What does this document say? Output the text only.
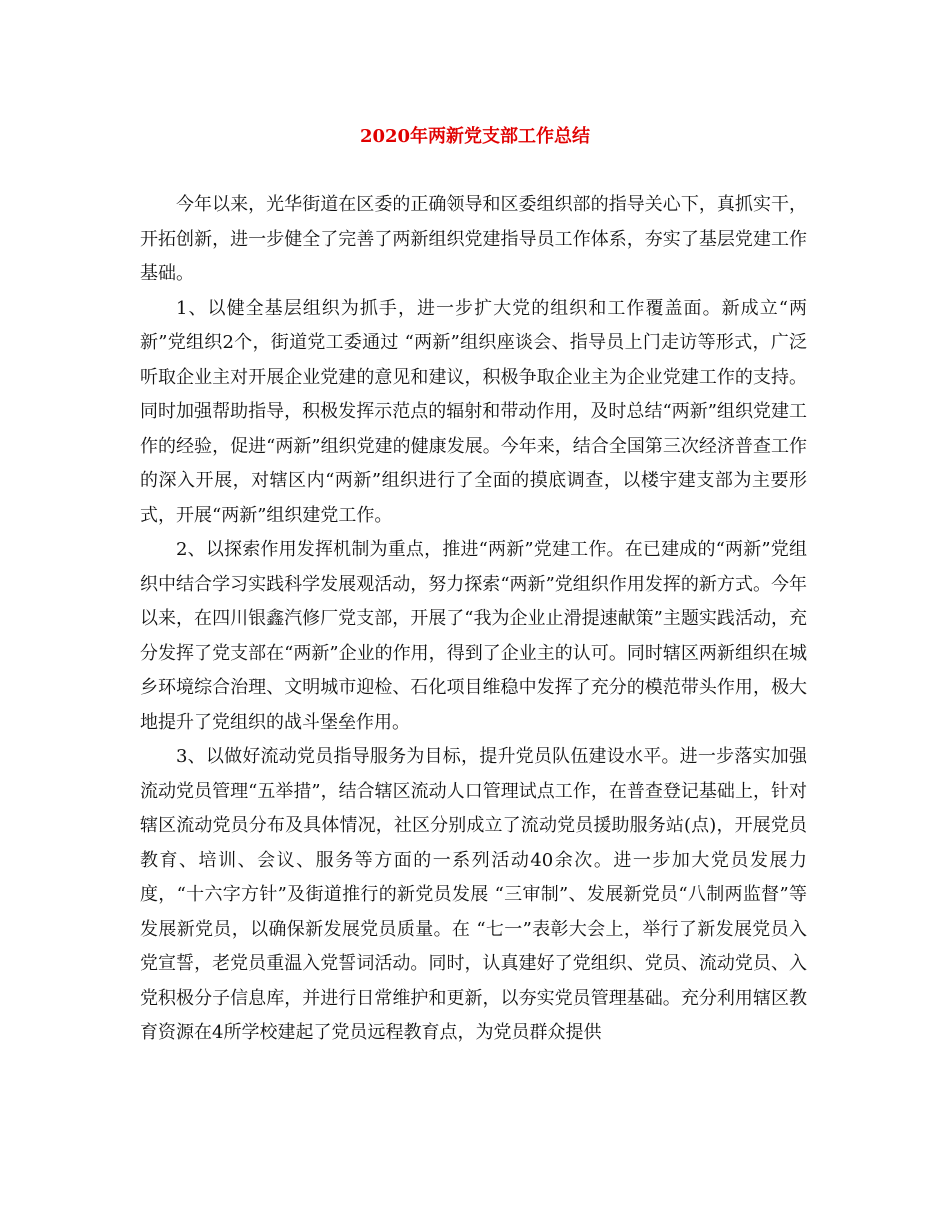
2020年两新党支部工作总结

今年以来，光华街道在区委的正确领导和区委组织部的指导关心下，真抓实干，开拓创新，进一步健全了完善了两新组织党建指导员工作体系，夯实了基层党建工作基础。

1、以健全基层组织为抓手，进一步扩大党的组织和工作覆盖面。新成立“两新”党组织2个，街道党工委通过 “两新”组织座谈会、指导员上门走访等形式，广泛听取企业主对开展企业党建的意见和建议，积极争取企业主为企业党建工作的支持。同时加强帮助指导，积极发挥示范点的辐射和带动作用，及时总结“两新”组织党建工作的经验，促进“两新”组织党建的健康发展。今年来，结合全国第三次经济普查工作的深入开展，对辖区内“两新”组织进行了全面的摸底调查，以楼宇建支部为主要形式，开展“两新”组织建党工作。

2、以探索作用发挥机制为重点，推进“两新”党建工作。在已建成的“两新”党组织中结合学习实践科学发展观活动，努力探索“两新”党组织作用发挥的新方式。今年以来，在四川银鑫汽修厂党支部，开展了“我为企业止滑提速献策”主题实践活动，充分发挥了党支部在“两新”企业的作用，得到了企业主的认可。同时辖区两新组织在城乡环境综合治理、文明城市迎检、石化项目维稳中发挥了充分的模范带头作用，极大地提升了党组织的战斗堡垒作用。

3、以做好流动党员指导服务为目标，提升党员队伍建设水平。进一步落实加强流动党员管理“五举措”，结合辖区流动人口管理试点工作，在普查登记基础上，针对辖区流动党员分布及具体情况，社区分别成立了流动党员援助服务站(点)，开展党员教育、培训、会议、服务等方面的一系列活动40余次。进一步加大党员发展力度，“十六字方针”及街道推行的新党员发展 “三审制”、发展新党员“八制两监督”等发展新党员，以确保新发展党员质量。在 “七一”表彰大会上，举行了新发展党员入党宣誓，老党员重温入党誓词活动。同时，认真建好了党组织、党员、流动党员、入党积极分子信息库，并进行日常维护和更新，以夯实党员管理基础。充分利用辖区教育资源在4所学校建起了党员远程教育点，为党员群众提供
